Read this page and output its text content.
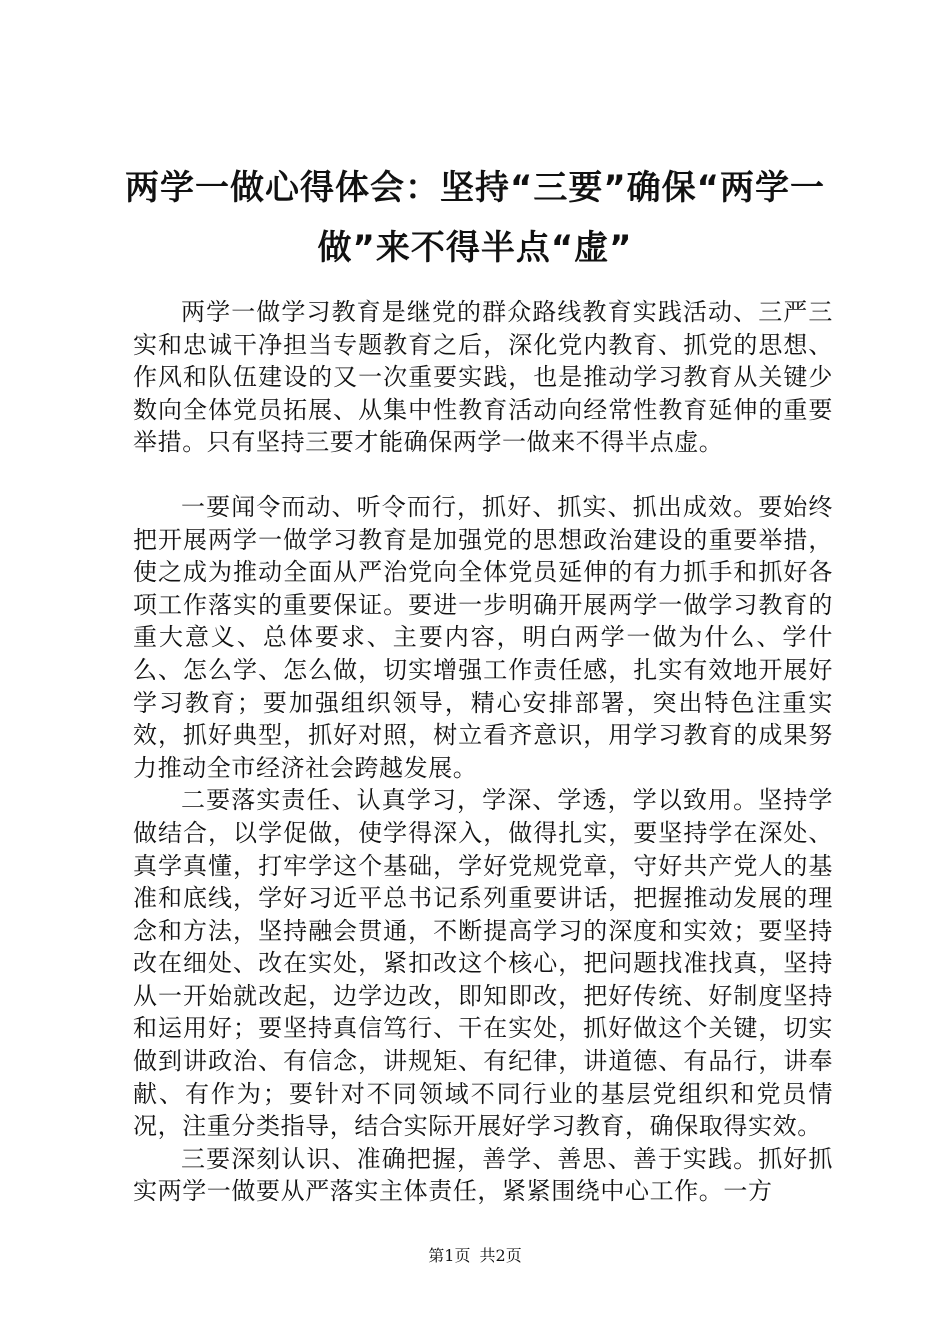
两学一做心得体会：坚持“三要”确保“两学一做”来不得半点“虚”

两学一做学习教育是继党的群众路线教育实践活动、三严三实和忠诚干净担当专题教育之后，深化党内教育、抓党的思想、作风和队伍建设的又一次重要实践，也是推动学习教育从关键少数向全体党员拓展、从集中性教育活动向经常性教育延伸的重要举措。只有坚持三要才能确保两学一做来不得半点虚。

一要闻令而动、听令而行，抓好、抓实、抓出成效。要始终把开展两学一做学习教育是加强党的思想政治建设的重要举措，使之成为推动全面从严治党向全体党员延伸的有力抓手和抓好各项工作落实的重要保证。要进一步明确开展两学一做学习教育的重大意义、总体要求、主要内容，明白两学一做为什么、学什么、怎么学、怎么做，切实增强工作责任感，扎实有效地开展好学习教育；要加强组织领导，精心安排部署，突出特色注重实效，抓好典型，抓好对照，树立看齐意识，用学习教育的成果努力推动全市经济社会跨越发展。

二要落实责任、认真学习，学深、学透，学以致用。坚持学做结合，以学促做，使学得深入，做得扎实，要坚持学在深处、真学真懂，打牢学这个基础，学好党规党章，守好共产党人的基准和底线，学好习近平总书记系列重要讲话，把握推动发展的理念和方法，坚持融会贯通，不断提高学习的深度和实效；要坚持改在细处、改在实处，紧扣改这个核心，把问题找准找真，坚持从一开始就改起，边学边改，即知即改，把好传统、好制度坚持和运用好；要坚持真信笃行、干在实处，抓好做这个关键，切实做到讲政治、有信念，讲规矩、有纪律，讲道德、有品行，讲奉献、有作为；要针对不同领域不同行业的基层党组织和党员情况，注重分类指导，结合实际开展好学习教育，确保取得实效。

三要深刻认识、准确把握，善学、善思、善于实践。抓好抓实两学一做要从严落实主体责任，紧紧围绕中心工作。一方

第1页 共2页
